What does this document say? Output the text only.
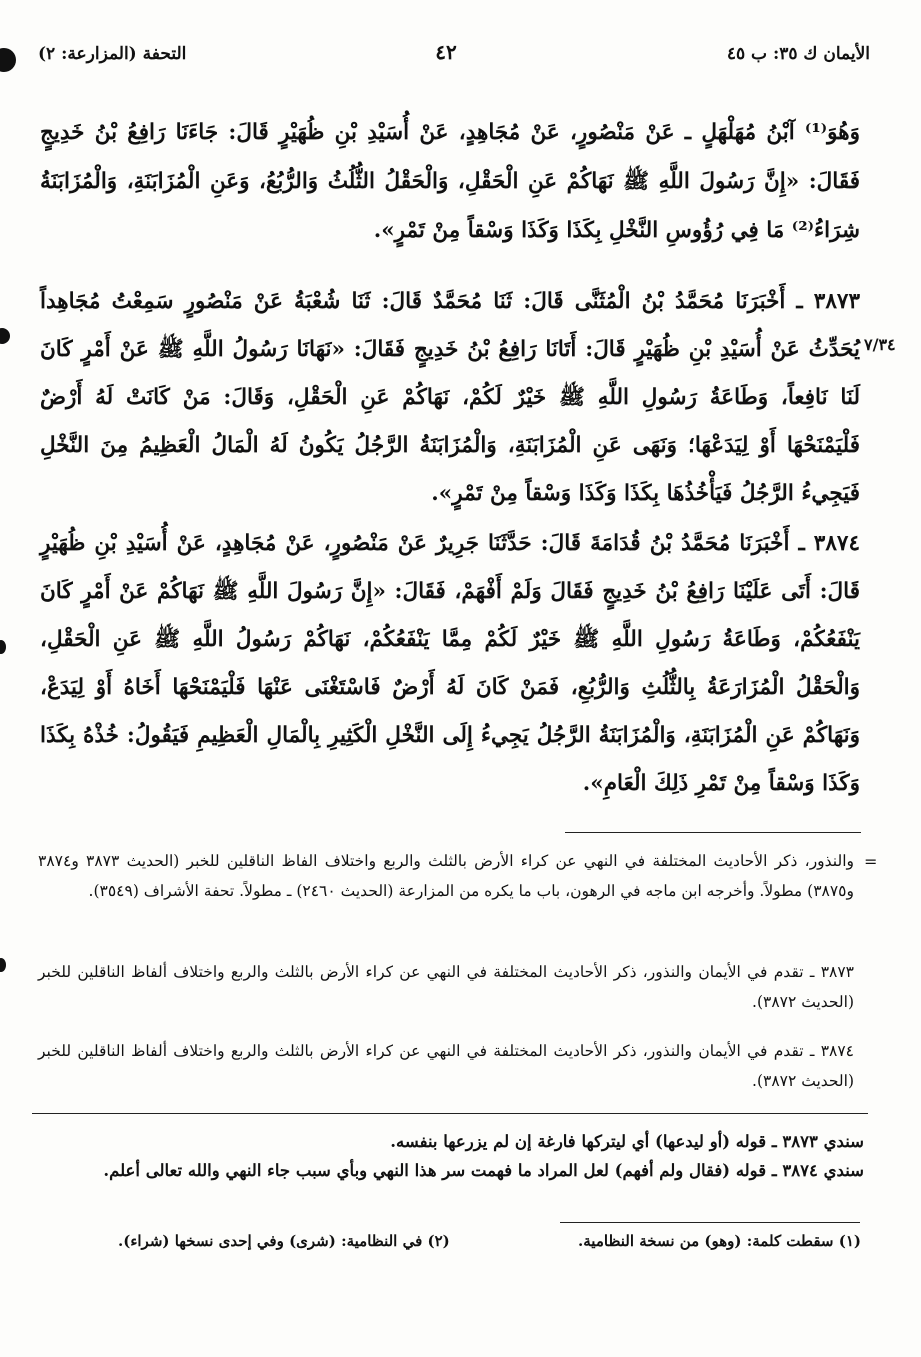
الأيمان ك ٣٥: ب ٤٥
٤٢
التحفة (المزارعة: ٢)
وَهُوَ⁽¹⁾ آبْنُ مُهَلْهَلٍ ـ عَنْ مَنْصُورٍ، عَنْ مُجَاهِدٍ، عَنْ أُسَيْدِ بْنِ ظُهَيْرٍ قَالَ: جَاءَنَا رَافِعُ بْنُ خَدِيجٍ فَقَالَ: «إِنَّ رَسُولَ اللَّهِ ﷺ نَهَاكُمْ عَنِ الْحَقْلِ، وَالْحَقْلُ الثُّلُثُ وَالرُّبُعُ، وَعَنِ الْمُزَابَنَةِ، وَالْمُزَابَنَةُ شِرَاءُ⁽²⁾ مَا فِي رُؤُوسِ النَّخْلِ بِكَذَا وَكَذَا وَسْقاً مِنْ تَمْرٍ».
٣٨٧٣ ـ أَخْبَرَنَا مُحَمَّدُ بْنُ الْمُثَنَّى قَالَ: ثَنَا مُحَمَّدٌ قَالَ: ثَنَا شُعْبَةُ عَنْ مَنْصُورٍ سَمِعْتُ مُجَاهِداً يُحَدِّثُ عَنْ أُسَيْدِ بْنِ ظُهَيْرٍ قَالَ: أَتَانَا رَافِعُ بْنُ خَدِيجٍ فَقَالَ: «نَهَانَا رَسُولُ اللَّهِ ﷺ عَنْ أَمْرٍ كَانَ لَنَا نَافِعاً، وَطَاعَةُ رَسُولِ اللَّهِ ﷺ خَيْرٌ لَكُمْ، نَهَاكُمْ عَنِ الْحَقْلِ، وَقَالَ: مَنْ كَانَتْ لَهُ أَرْضٌ فَلْيَمْنَحْهَا أَوْ لِيَدَعْهَا؛ وَنَهَى عَنِ الْمُزَابَنَةِ، وَالْمُزَابَنَةُ الرَّجُلُ يَكُونُ لَهُ الْمَالُ الْعَظِيمُ مِنَ النَّخْلِ فَيَجِيءُ الرَّجُلُ فَيَأْخُذُهَا بِكَذَا وَكَذَا وَسْقاً مِنْ تَمْرٍ».
٣٨٧٤ ـ أَخْبَرَنَا مُحَمَّدُ بْنُ قُدَامَةَ قَالَ: حَدَّثَنَا جَرِيرٌ عَنْ مَنْصُورٍ، عَنْ مُجَاهِدٍ، عَنْ أُسَيْدِ بْنِ ظُهَيْرٍ قَالَ: أَتَى عَلَيْنَا رَافِعُ بْنُ خَدِيجٍ فَقَالَ وَلَمْ أَفْهَمْ، فَقَالَ: «إِنَّ رَسُولَ اللَّهِ ﷺ نَهَاكُمْ عَنْ أَمْرٍ كَانَ يَنْفَعُكُمْ، وَطَاعَةُ رَسُولِ اللَّهِ ﷺ خَيْرٌ لَكُمْ مِمَّا يَنْفَعُكُمْ، نَهَاكُمْ رَسُولُ اللَّهِ ﷺ عَنِ الْحَقْلِ، وَالْحَقْلُ الْمُزَارَعَةُ بِالثُّلُثِ وَالرُّبُعِ، فَمَنْ كَانَ لَهُ أَرْضٌ فَاسْتَغْنَى عَنْهَا فَلْيَمْنَحْهَا أَخَاهُ أَوْ لِيَدَعْ، وَنَهَاكُمْ عَنِ الْمُزَابَنَةِ، وَالْمُزَابَنَةُ الرَّجُلُ يَجِيءُ إِلَى النَّخْلِ الْكَثِيرِ بِالْمَالِ الْعَظِيمِ فَيَقُولُ: خُذْهُ بِكَذَا وَكَذَا وَسْقاً مِنْ تَمْرِ ذَلِكَ الْعَامِ».
٧/٣٤
=
والنذور، ذكر الأحاديث المختلفة في النهي عن كراء الأرض بالثلث والربع واختلاف الفاظ الناقلين للخبر (الحديث ٣٨٧٣ و٣٨٧٤ و٣٨٧٥) مطولاً. وأخرجه ابن ماجه في الرهون، باب ما يكره من المزارعة (الحديث ٢٤٦٠) ـ مطولاً. تحفة الأشراف (٣٥٤٩).
٣٨٧٣ ـ تقدم في الأيمان والنذور، ذكر الأحاديث المختلفة في النهي عن كراء الأرض بالثلث والربع واختلاف ألفاظ الناقلين للخبر (الحديث ٣٨٧٢).
٣٨٧٤ ـ تقدم في الأيمان والنذور، ذكر الأحاديث المختلفة في النهي عن كراء الأرض بالثلث والربع واختلاف ألفاظ الناقلين للخبر (الحديث ٣٨٧٢).
سندي ٣٨٧٣ ـ قوله (أو ليدعها) أي ليتركها فارغة إن لم يزرعها بنفسه.
سندي ٣٨٧٤ ـ قوله (فقال ولم أفهم) لعل المراد ما فهمت سر هذا النهي وبأي سبب جاء النهي والله تعالى أعلم.
(١) سقطت كلمة: (وهو) من نسخة النظامية.
(٢) في النظامية: (شرى) وفي إحدى نسخها (شراء).
